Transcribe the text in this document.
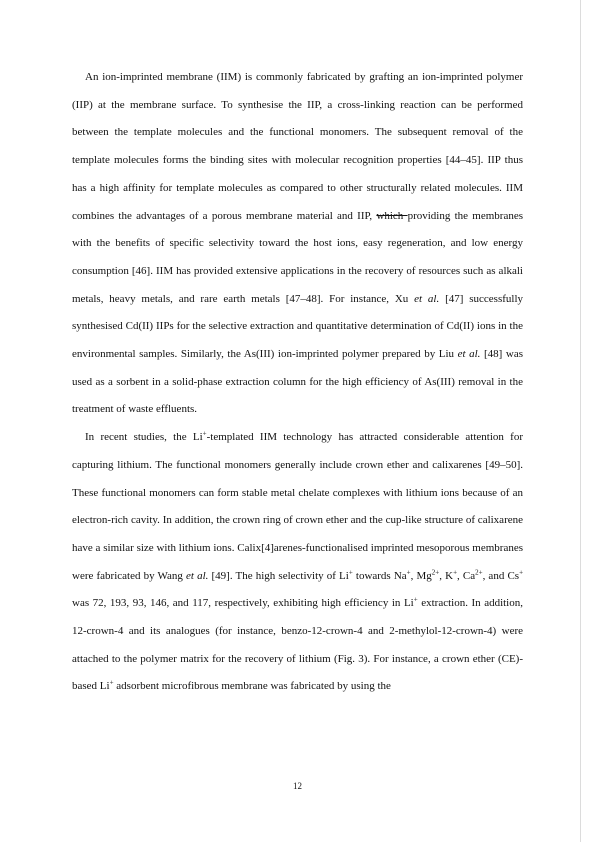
An ion-imprinted membrane (IIM) is commonly fabricated by grafting an ion-imprinted polymer (IIP) at the membrane surface. To synthesise the IIP, a cross-linking reaction can be performed between the template molecules and the functional monomers. The subsequent removal of the template molecules forms the binding sites with molecular recognition properties [44–45]. IIP thus has a high affinity for template molecules as compared to other structurally related molecules. IIM combines the advantages of a porous membrane material and IIP, which providing the membranes with the benefits of specific selectivity toward the host ions, easy regeneration, and low energy consumption [46]. IIM has provided extensive applications in the recovery of resources such as alkali metals, heavy metals, and rare earth metals [47–48]. For instance, Xu et al. [47] successfully synthesised Cd(II) IIPs for the selective extraction and quantitative determination of Cd(II) ions in the environmental samples. Similarly, the As(III) ion-imprinted polymer prepared by Liu et al. [48] was used as a sorbent in a solid-phase extraction column for the high efficiency of As(III) removal in the treatment of waste effluents.

In recent studies, the Li+-templated IIM technology has attracted considerable attention for capturing lithium. The functional monomers generally include crown ether and calixarenes [49–50]. These functional monomers can form stable metal chelate complexes with lithium ions because of an electron-rich cavity. In addition, the crown ring of crown ether and the cup-like structure of calixarene have a similar size with lithium ions. Calix[4]arenes-functionalised imprinted mesoporous membranes were fabricated by Wang et al. [49]. The high selectivity of Li+ towards Na+, $Mg^{2+}$, K+, $Ca^{2+}$, and Cs+ was 72, 193, 93, 146, and 117, respectively, exhibiting high efficiency in Li+ extraction. In addition, 12-crown-4 and its analogues (for instance, benzo-12-crown-4 and 2-methylol-12-crown-4) were attached to the polymer matrix for the recovery of lithium (Fig. 3). For instance, a crown ether (CE)-based Li+ adsorbent microfibrous membrane was fabricated by using the

12
